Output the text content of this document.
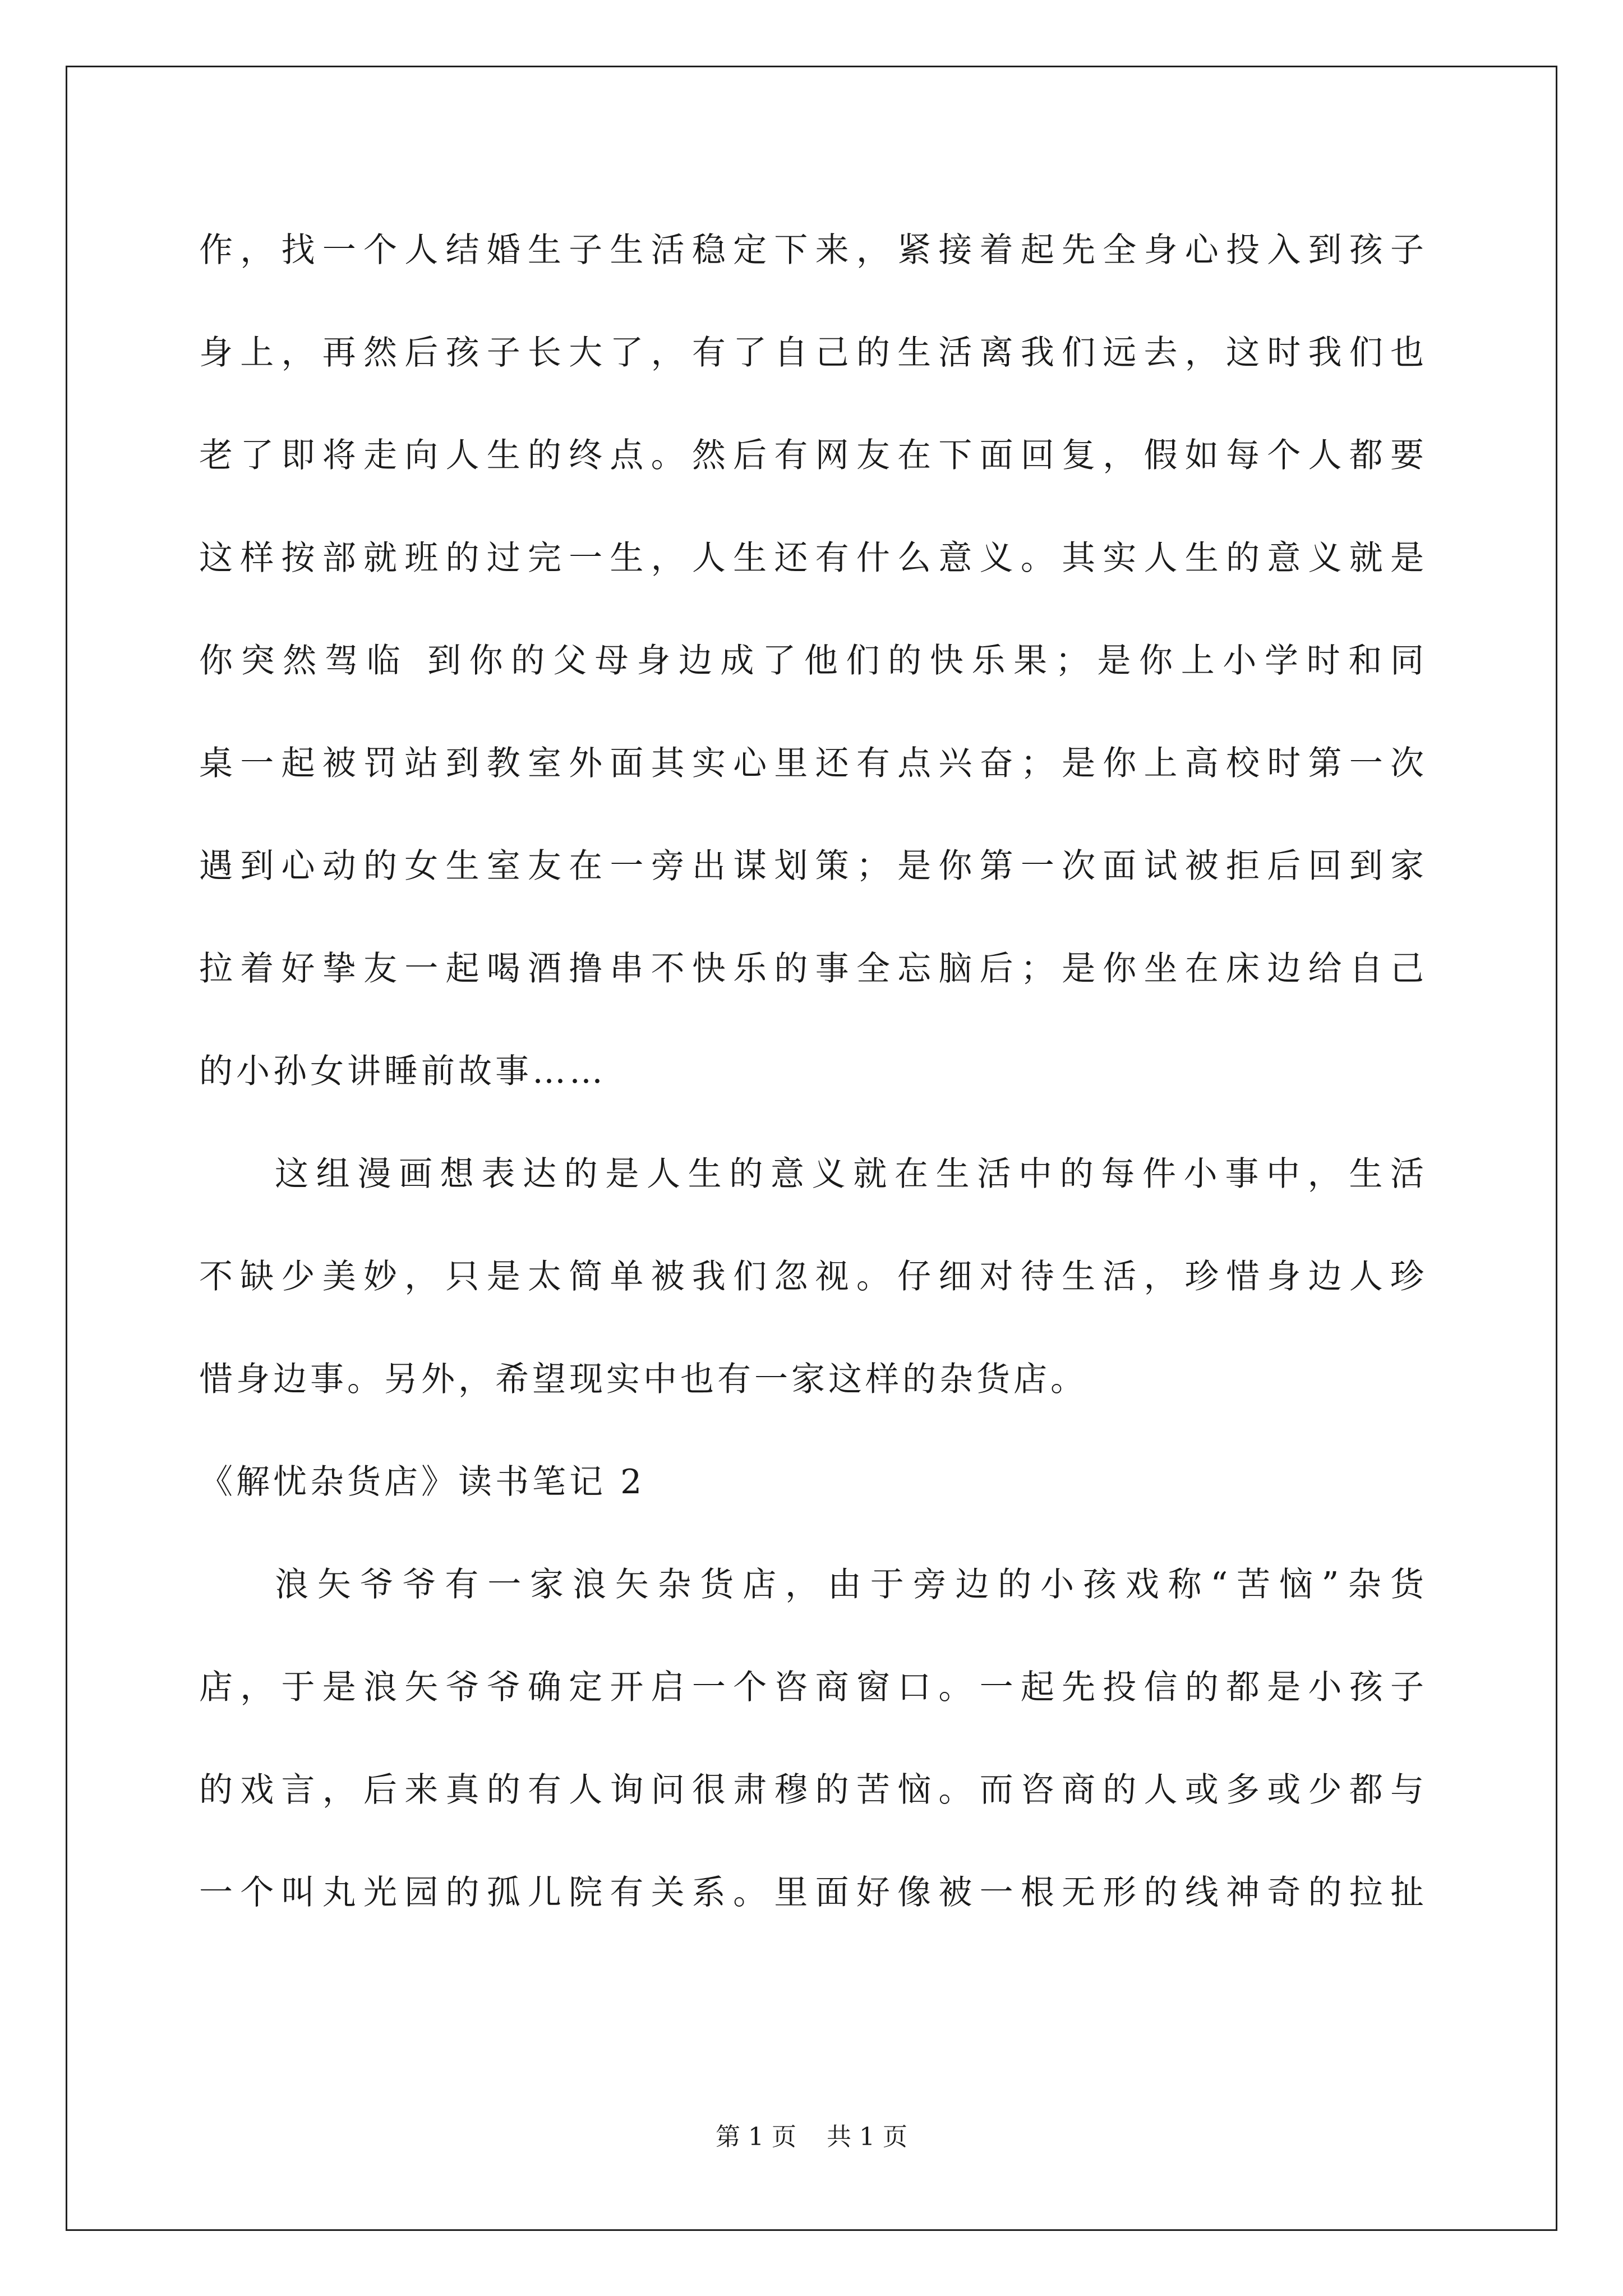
作，找一个人结婚生子生活稳定下来，紧接着起先全身心投入到孩子
身上，再然后孩子长大了，有了自己的生活离我们远去，这时我们也
老了即将走向人生的终点。然后有网友在下面回复，假如每个人都要
这样按部就班的过完一生，人生还有什么意义。其实人生的意义就是
你突然驾临 到你的父母身边成了他们的快乐果；是你上小学时和同
桌一起被罚站到教室外面其实心里还有点兴奋；是你上高校时第一次
遇到心动的女生室友在一旁出谋划策；是你第一次面试被拒后回到家
拉着好挚友一起喝酒撸串不快乐的事全忘脑后；是你坐在床边给自己
的小孙女讲睡前故事……
这组漫画想表达的是人生的意义就在生活中的每件小事中，生活
不缺少美妙，只是太简单被我们忽视。仔细对待生活，珍惜身边人珍
惜身边事。另外，希望现实中也有一家这样的杂货店。
《解忧杂货店》读书笔记 2
浪矢爷爷有一家浪矢杂货店，由于旁边的小孩戏称“苦恼”杂货
店，于是浪矢爷爷确定开启一个咨商窗口。一起先投信的都是小孩子
的戏言，后来真的有人询问很肃穆的苦恼。而咨商的人或多或少都与
一个叫丸光园的孤儿院有关系。里面好像被一根无形的线神奇的拉扯
第 1 页 共 1 页
